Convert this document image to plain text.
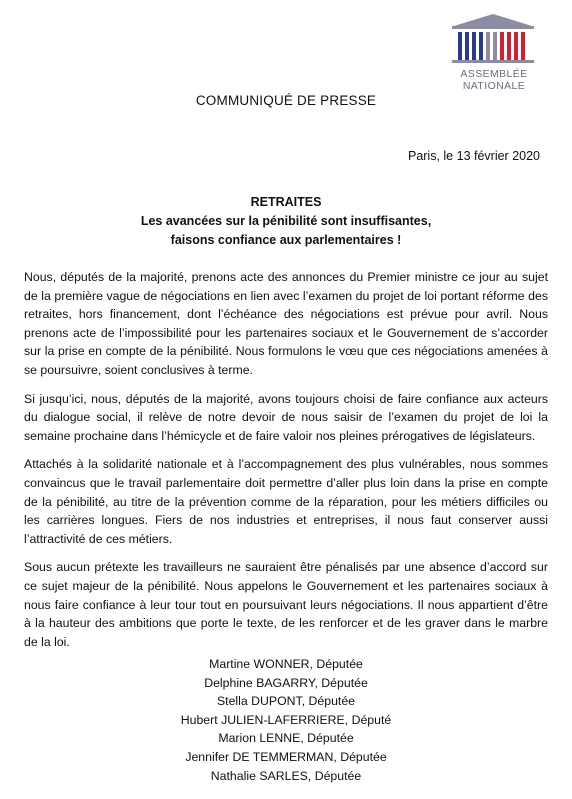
ASSEMBLÉE
NATIONALE
COMMUNIQUÉ DE PRESSE
Paris, le 13 février 2020
RETRAITES
Les avancées sur la pénibilité sont insuffisantes,
faisons confiance aux parlementaires !

Nous, députés de la majorité, prenons acte des annonces du Premier ministre ce jour au sujet de la première vague de négociations en lien avec l’examen du projet de loi portant réforme des retraites, hors financement, dont l’échéance des négociations est prévue pour avril. Nous prenons acte de l’impossibilité pour les partenaires sociaux et le Gouvernement de s’accorder sur la prise en compte de la pénibilité. Nous formulons le vœu que ces négociations amenées à se poursuivre, soient conclusives à terme.

Si jusqu’ici, nous, députés de la majorité, avons toujours choisi de faire confiance aux acteurs du dialogue social, il relève de notre devoir de nous saisir de l’examen du projet de loi la semaine prochaine dans l’hémicycle et de faire valoir nos pleines prérogatives de législateurs.

Attachés à la solidarité nationale et à l’accompagnement des plus vulnérables, nous sommes convaincus que le travail parlementaire doit permettre d’aller plus loin dans la prise en compte de la pénibilité, au titre de la prévention comme de la réparation, pour les métiers difficiles ou les carrières longues. Fiers de nos industries et entreprises, il nous faut conserver aussi l’attractivité de ces métiers.

Sous aucun prétexte les travailleurs ne sauraient être pénalisés par une absence d’accord sur ce sujet majeur de la pénibilité. Nous appelons le Gouvernement et les partenaires sociaux à nous faire confiance à leur tour tout en poursuivant leurs négociations. Il nous appartient d’être à la hauteur des ambitions que porte le texte, de les renforcer et de les graver dans le marbre de la loi.

Martine WONNER, Députée
Delphine BAGARRY, Députée
Stella DUPONT, Députée
Hubert JULIEN-LAFERRIERE, Député
Marion LENNE, Députée
Jennifer DE TEMMERMAN, Députée
Nathalie SARLES, Députée
